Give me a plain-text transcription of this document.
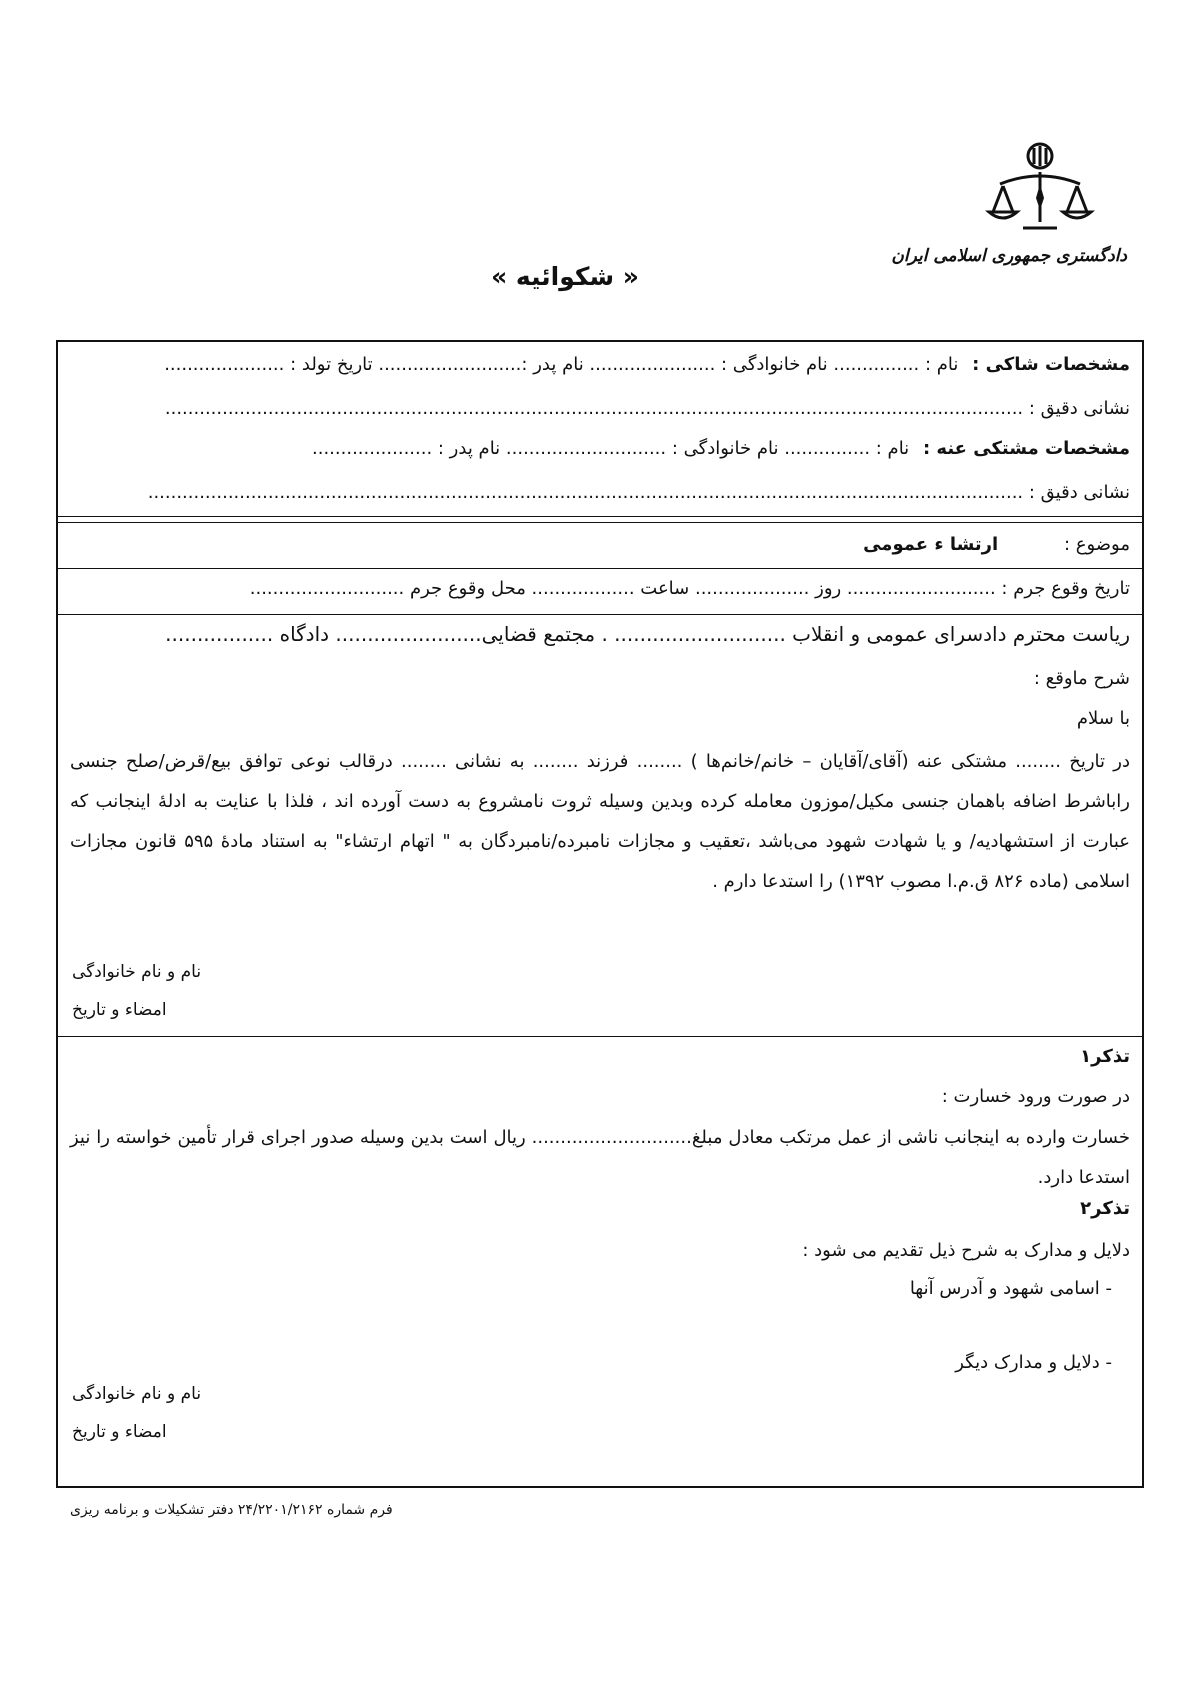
دادگستری جمهوری اسلامی ایران
« شکوائیه »
مشخصات شاکی : نام : ............... نام خانوادگی : ...................... نام پدر :......................... تاریخ تولد : .....................
نشانی دقیق : ......................................................................................................................................................
مشخصات مشتکی عنه : نام : ............... نام خانوادگی : ............................ نام پدر : .....................
نشانی دقیق : .........................................................................................................................................................
موضوع : ارتشا ء عمومی
تاریخ وقوع جرم : .......................... روز .................... ساعت .................. محل وقوع جرم ...........................
ریاست محترم دادسرای عمومی و انقلاب ........................... . مجتمع قضایی....................... دادگاه .................
شرح ماوقع :
با سلام
در تاریخ ........ مشتکی عنه (آقای/آقایان – خانم/خانم‌ها ) ........ فرزند ........ به نشانی ........ درقالب نوعی توافق بیع/قرض/صلح جنسی راباشرط اضافه باهمان جنسی مکیل/موزون معامله کرده وبدین وسیله ثروت نامشروع به دست آورده اند ، فلذا با عنایت به ادلۀ اینجانب که عبارت از استشهادیه/ و یا شهادت شهود می‌باشد ،تعقیب و مجازات نامبرده/نامبردگان به " اتهام ارتشاء" به استناد مادۀ ۵۹۵ قانون مجازات اسلامی (ماده ۸۲۶ ق.م.ا مصوب ۱۳۹۲) را استدعا دارم .
نام و نام خانوادگی
امضاء و تاریخ
تذکر۱
در صورت ورود خسارت :
خسارت وارده به اینجانب ناشی از عمل مرتکب معادل مبلغ............................ ریال است بدین وسیله صدور اجرای قرار تأمین خواسته را نیز استدعا دارد.
تذکر۲
دلایل و مدارک به شرح ذیل تقدیم می شود :
- اسامی شهود و آدرس آنها
- دلایل و مدارک دیگر
نام و نام خانوادگی
امضاء و تاریخ
فرم شماره ۲۴/۲۲۰۱/۲۱۶۲ دفتر تشکیلات و برنامه ریزی
